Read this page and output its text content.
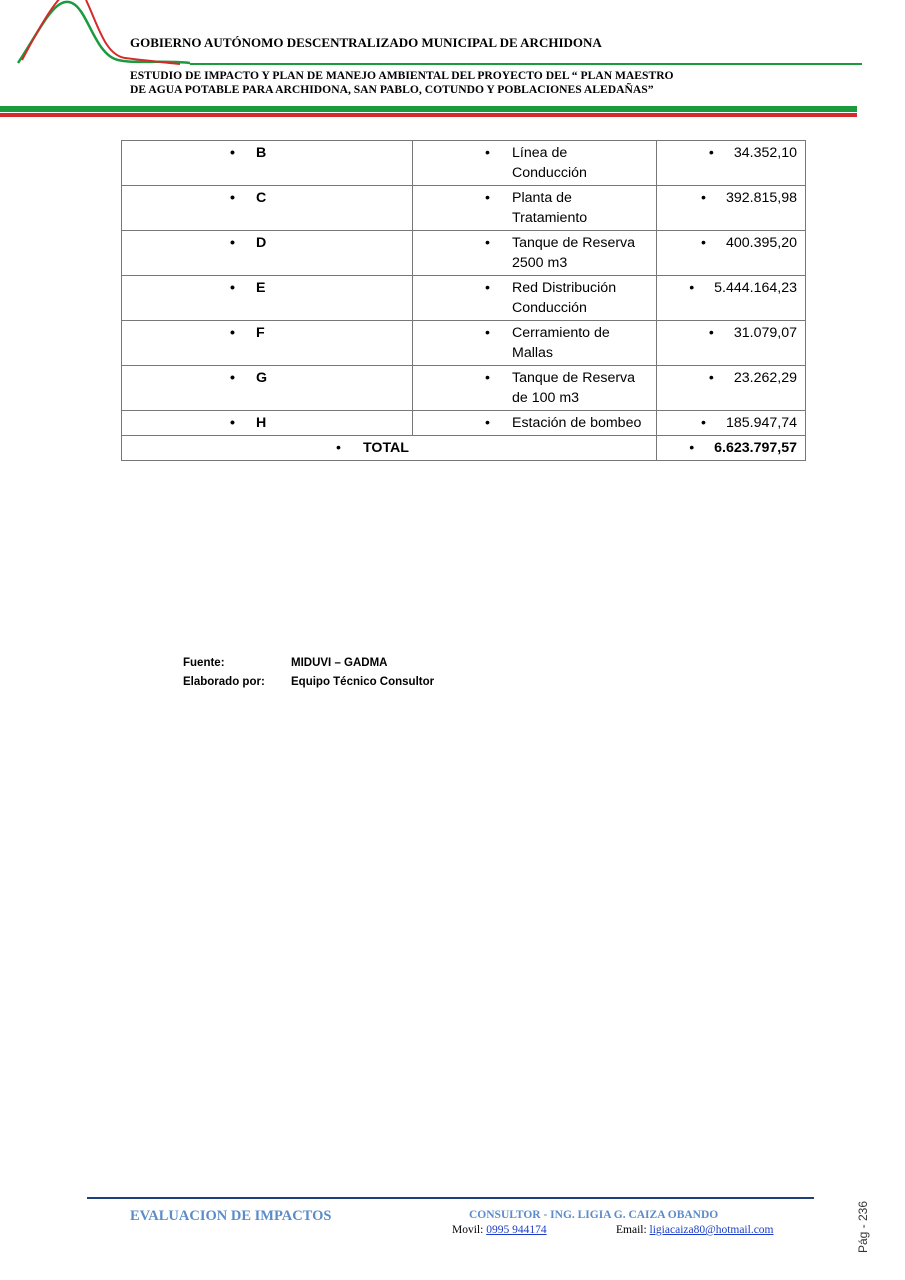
GOBIERNO AUTÓNOMO DESCENTRALIZADO MUNICIPAL DE ARCHIDONA
ESTUDIO DE IMPACTO Y PLAN DE MANEJO AMBIENTAL DEL PROYECTO DEL “ PLAN MAESTRO
DE AGUA POTABLE PARA ARCHIDONA, SAN PABLO, COTUNDO Y POBLACIONES ALEDAÑAS”
• B	• Línea de Conducción	• 34.352,10

• C	• Planta de Tratamiento	• 392.815,98

• D	• Tanque de Reserva 2500 m3	• 400.395,20

• E	• Red Distribución Conducción	• 5.444.164,23

• F	• Cerramiento de Mallas	• 31.079,07

• G	• Tanque de Reserva de 100 m3	• 23.262,29

• H	• Estación de bombeo	• 185.947,74

• TOTAL		• 6.623.797,57
Fuente:	MIDUVI – GADMA
Elaborado por:	Equipo Técnico Consultor
EVALUACION DE IMPACTOS	CONSULTOR - ING. LIGIA G. CAIZA OBANDO
Movil: 0995 944174	Email: ligiacaiza80@hotmail.com	Pág - 236
